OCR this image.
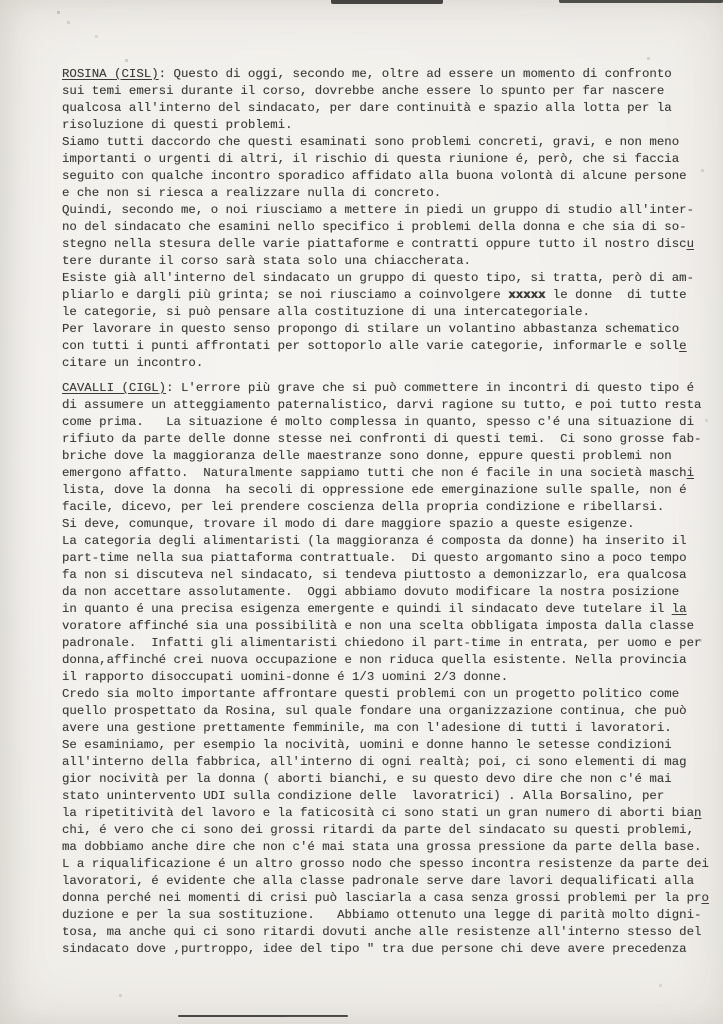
ROSINA (CISL): Questo di oggi, secondo me, oltre ad essere un momento di confronto
sui temi emersi durante il corso, dovrebbe anche essere lo spunto per far nascere
qualcosa all'interno del sindacato, per dare continuità e spazio alla lotta per la
risoluzione di questi problemi.
Siamo tutti daccordo che questi esaminati sono problemi concreti, gravi, e non meno
importanti o urgenti di altri, il rischio di questa riunione é, però, che si faccia
seguito con qualche incontro sporadico affidato alla buona volontà di alcune persone
e che non si riesca a realizzare nulla di concreto.
Quindi, secondo me, o noi riusciamo a mettere in piedi un gruppo di studio all'inter-
no del sindacato che esamini nello specifico i problemi della donna e che sia di so-
stegno nella stesura delle varie piattaforme e contratti oppure tutto il nostro discu
tere durante il corso sarà stata solo una chiaccherata.
Esiste già all'interno del sindacato un gruppo di questo tipo, si tratta, però di am-
pliarlo e dargli più grinta; se noi riusciamo a coinvolgere xxxxx le donne  di tutte
le categorie, si può pensare alla costituzione di una intercategoriale.
Per lavorare in questo senso propongo di stilare un volantino abbastanza schematico
con tutti i punti affrontati per sottoporlo alle varie categorie, informarle e solle
citare un incontro.
CAVALLI (CIGL): L'errore più grave che si può commettere in incontri di questo tipo é
di assumere un atteggiamento paternalistico, darvi ragione su tutto, e poi tutto resta
come prima.   La situazione é molto complessa in quanto, spesso c'é una situazione di
rifiuto da parte delle donne stesse nei confronti di questi temi.  Ci sono grosse fab-
briche dove la maggioranza delle maestranze sono donne, eppure questi problemi non
emergono affatto.  Naturalmente sappiamo tutti che non é facile in una società maschi
lista, dove la donna  ha secoli di oppressione ede emerginazione sulle spalle, non é
facile, dicevo, per lei prendere coscienza della propria condizione e ribellarsi.
Si deve, comunque, trovare il modo di dare maggiore spazio a queste esigenze.
La categoria degli alimentaristi (la maggioranza é composta da donne) ha inserito il
part-time nella sua piattaforma contrattuale.  Di questo argomanto sino a poco tempo
fa non si discuteva nel sindacato, si tendeva piuttosto a demonizzarlo, era qualcosa
da non accettare assolutamente.  Oggi abbiamo dovuto modificare la nostra posizione
in quanto é una precisa esigenza emergente e quindi il sindacato deve tutelare il la
voratore affinché sia una possibilità e non una scelta obbligata imposta dalla classe
padronale.  Infatti gli alimentaristi chiedono il part-time in entrata, per uomo e per
donna,affinché crei nuova occupazione e non riduca quella esistente. Nella provincia
il rapporto disoccupati uomini-donne é 1/3 uomini 2/3 donne.
Credo sia molto importante affrontare questi problemi con un progetto politico come
quello prospettato da Rosina, sul quale fondare una organizzazione continua, che può
avere una gestione prettamente femminile, ma con l'adesione di tutti i lavoratori.
Se esaminiamo, per esempio la nocività, uomini e donne hanno le setesse condizioni
all'interno della fabbrica, all'interno di ogni realtà; poi, ci sono elementi di mag
gior nocività per la donna ( aborti bianchi, e su questo devo dire che non c'é mai
stato unintervento UDI sulla condizione delle  lavoratrici) . Alla Borsalino, per
la ripetitività del lavoro e la faticosità ci sono stati un gran numero di aborti bian
chi, é vero che ci sono dei grossi ritardi da parte del sindacato su questi problemi,
ma dobbiamo anche dire che non c'é mai stata una grossa pressione da parte della base.
L a riqualificazione é un altro grosso nodo che spesso incontra resistenze da parte dei
lavoratori, é evidente che alla classe padronale serve dare lavori dequalificati alla
donna perché nei momenti di crisi può lasciarla a casa senza grossi problemi per la pro
duzione e per la sua sostituzione.   Abbiamo ottenuto una legge di parità molto digni-
tosa, ma anche qui ci sono ritardi dovuti anche alle resistenze all'interno stesso del
sindacato dove ,purtroppo, idee del tipo " tra due persone chi deve avere precedenza
